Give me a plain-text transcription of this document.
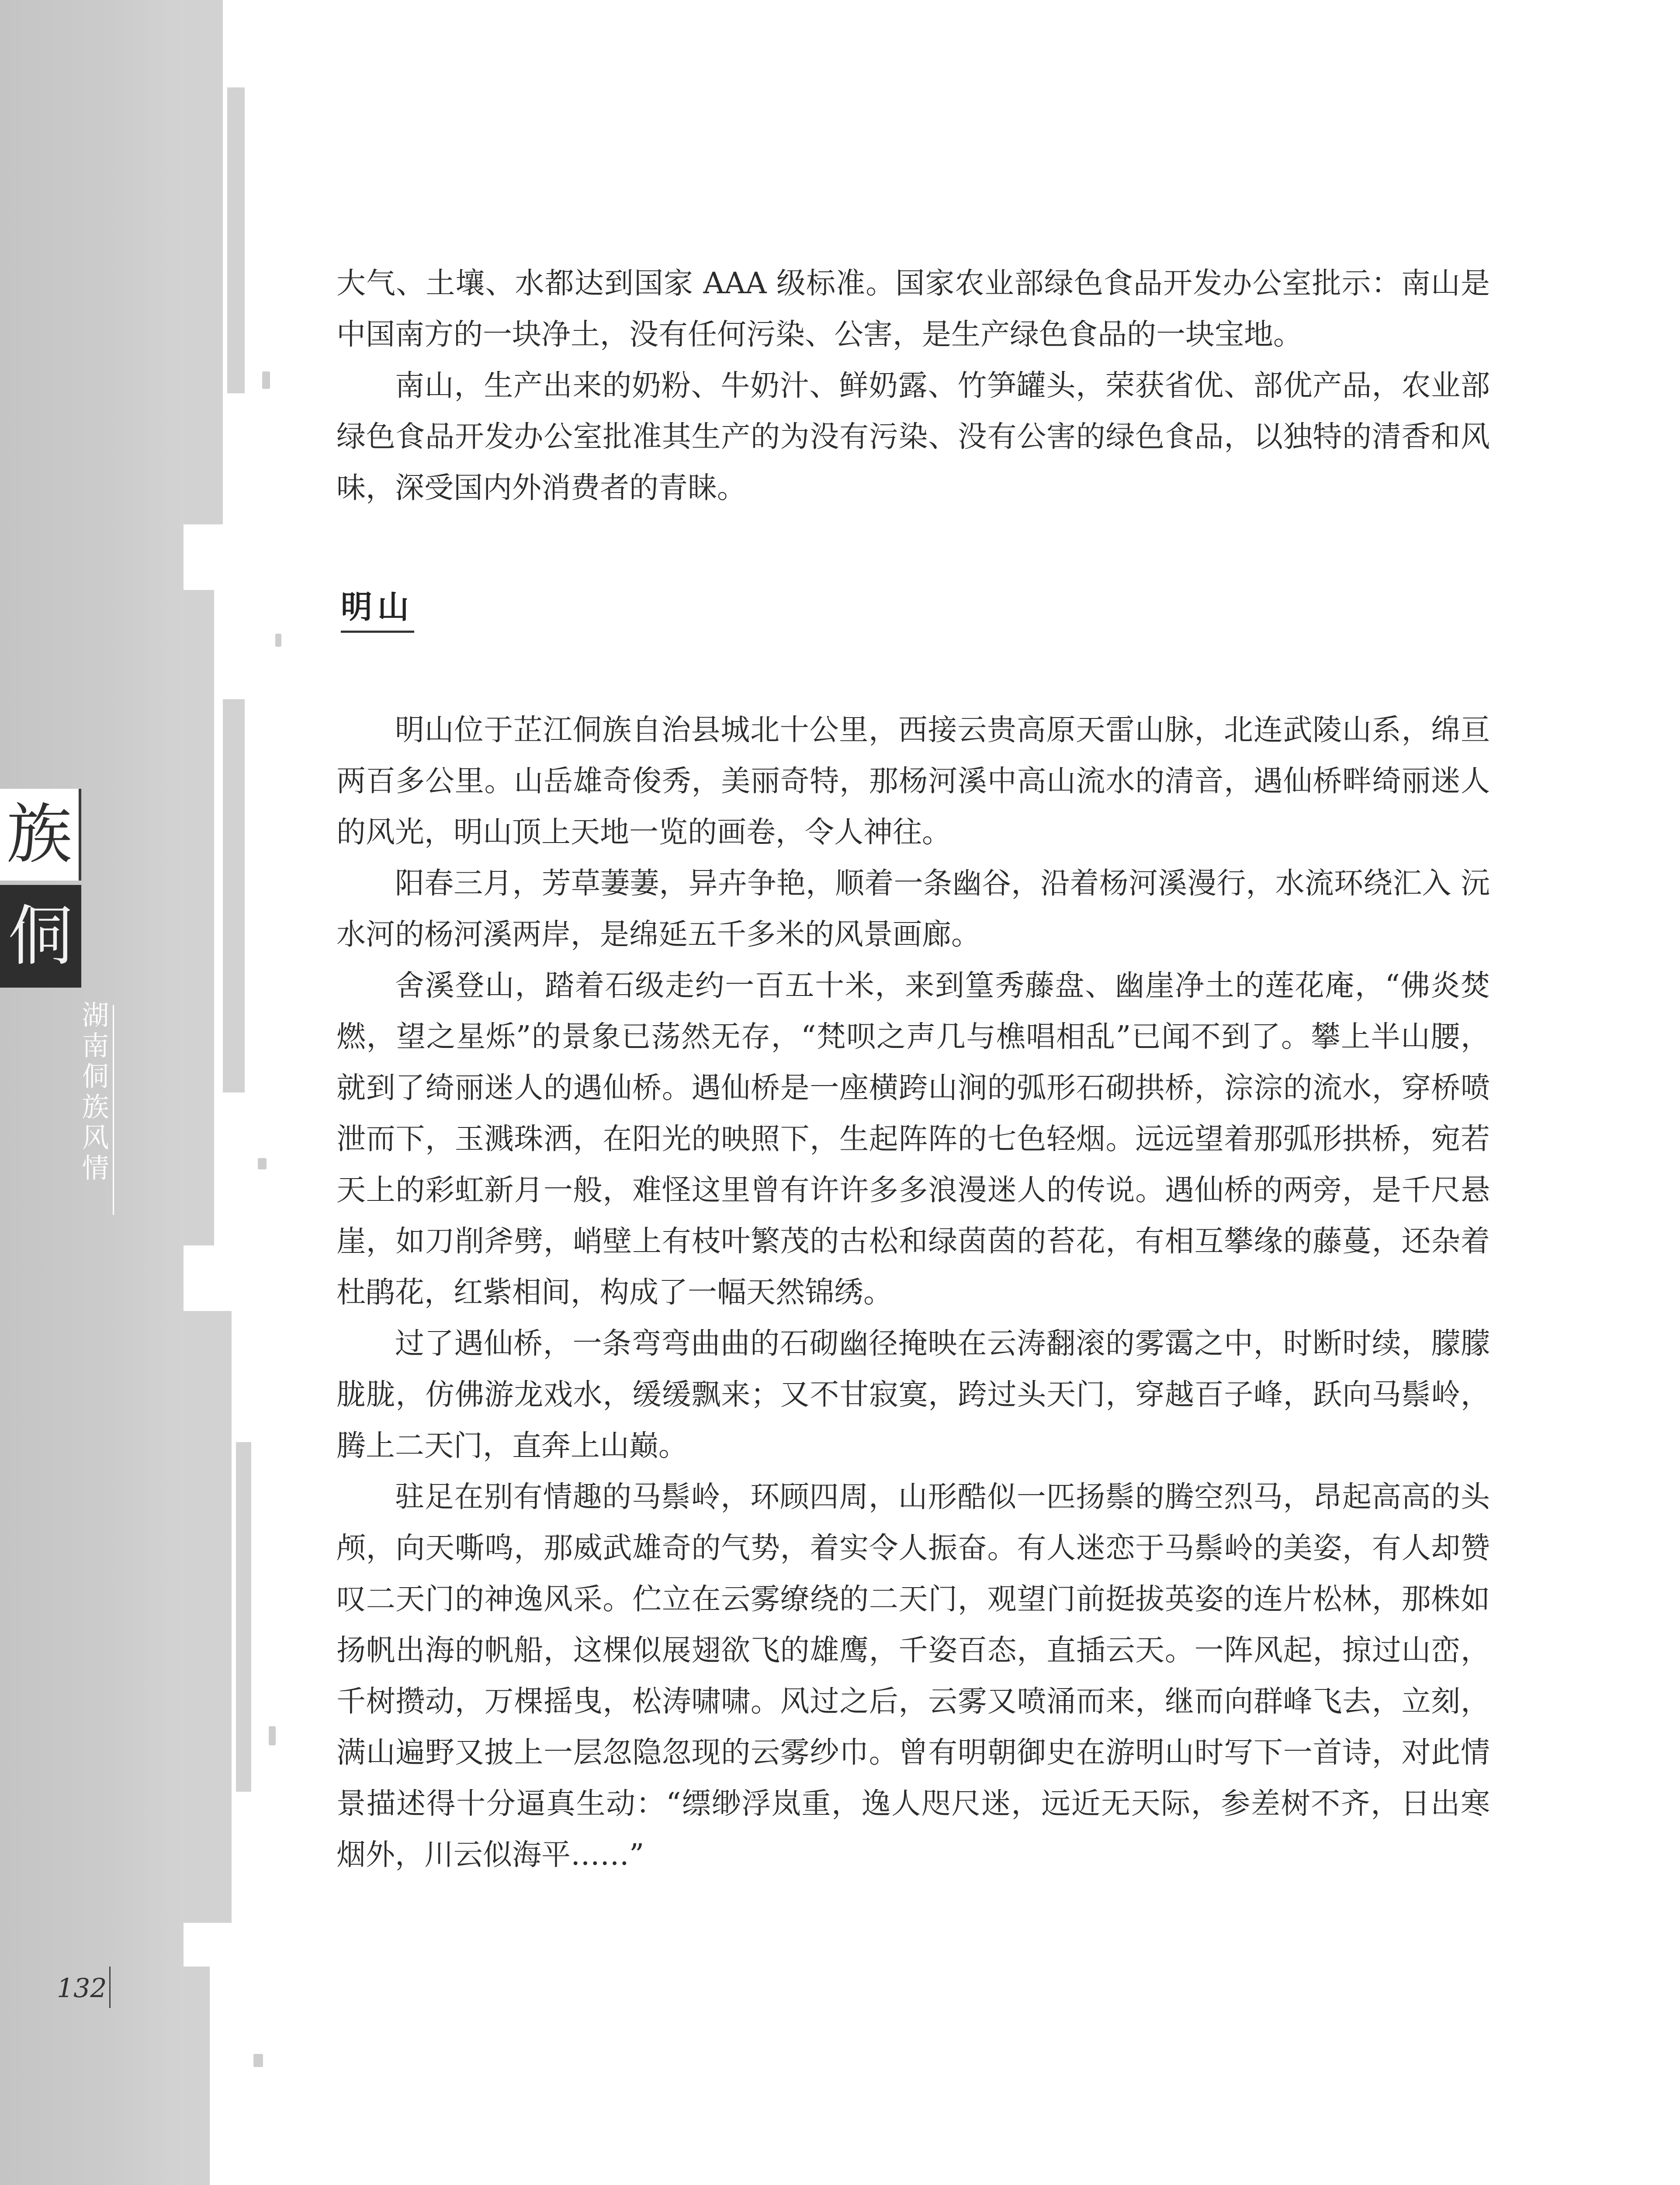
族
侗
湖南侗族风情
132

大气、土壤、水都达到国家 AAA 级标准。国家农业部绿色食品开发办公室批示：南山是中国南方的一块净土，没有任何污染、公害，是生产绿色食品的一块宝地。

南山，生产出来的奶粉、牛奶汁、鲜奶露、竹笋罐头，荣获省优、部优产品，农业部绿色食品开发办公室批准其生产的为没有污染、没有公害的绿色食品，以独特的清香和风味，深受国内外消费者的青睐。

明山

明山位于芷江侗族自治县城北十公里，西接云贵高原天雷山脉，北连武陵山系，绵亘两百多公里。山岳雄奇俊秀，美丽奇特，那杨河溪中高山流水的清音，遇仙桥畔绮丽迷人的风光，明山顶上天地一览的画卷，令人神往。

阳春三月，芳草萋萋，异卉争艳，顺着一条幽谷，沿着杨河溪漫行，水流环绕汇入 沅水河的杨河溪两岸，是绵延五千多米的风景画廊。

舍溪登山，踏着石级走约一百五十米，来到篁秀藤盘、幽崖净土的莲花庵，“佛炎焚燃，望之星烁”的景象已荡然无存，“梵呗之声几与樵唱相乱”已闻不到了。攀上半山腰，就到了绮丽迷人的遇仙桥。遇仙桥是一座横跨山涧的弧形石砌拱桥，淙淙的流水，穿桥喷泄而下，玉溅珠洒，在阳光的映照下，生起阵阵的七色轻烟。远远望着那弧形拱桥，宛若天上的彩虹新月一般，难怪这里曾有许许多多浪漫迷人的传说。遇仙桥的两旁，是千尺悬崖，如刀削斧劈，峭壁上有枝叶繁茂的古松和绿茵茵的苔花，有相互攀缘的藤蔓，还杂着杜鹃花，红紫相间，构成了一幅天然锦绣。

过了遇仙桥，一条弯弯曲曲的石砌幽径掩映在云涛翻滚的雾霭之中，时断时续，朦朦胧胧，仿佛游龙戏水，缓缓飘来；又不甘寂寞，跨过头天门，穿越百子峰，跃向马鬃岭，腾上二天门，直奔上山巅。

驻足在别有情趣的马鬃岭，环顾四周，山形酷似一匹扬鬃的腾空烈马，昂起高高的头颅，向天嘶鸣，那威武雄奇的气势，着实令人振奋。有人迷恋于马鬃岭的美姿，有人却赞叹二天门的神逸风采。伫立在云雾缭绕的二天门，观望门前挺拔英姿的连片松林，那株如扬帆出海的帆船，这棵似展翅欲飞的雄鹰，千姿百态，直插云天。一阵风起，掠过山峦，千树攒动，万棵摇曳，松涛啸啸。风过之后，云雾又喷涌而来，继而向群峰飞去，立刻，满山遍野又披上一层忽隐忽现的云雾纱巾。曾有明朝御史在游明山时写下一首诗，对此情景描述得十分逼真生动：“缥缈浮岚重，逸人咫尺迷，远近无天际，参差树不齐，日出寒烟外，川云似海平……”
